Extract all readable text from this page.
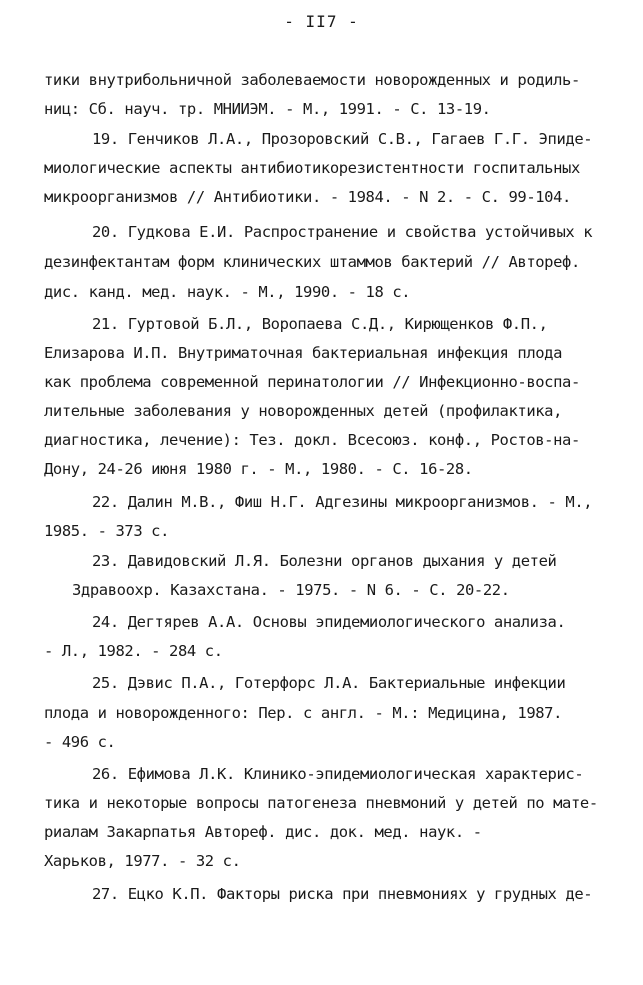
- II7 -
тики внутрибольничной заболеваемости новорожденных и родиль-
ниц: Сб. науч. тр. МНИИЭМ. - М., 1991. - С. 13-19.
19. Генчиков Л.А., Прозоровский С.В., Гагаев Г.Г. Эпиде-
миологические аспекты антибиотикорезистентности госпитальных
микроорганизмов // Антибиотики. - 1984. - N 2. - С. 99-104.
20. Гудкова Е.И. Распространение и свойства устойчивых к
дезинфектантам форм клинических штаммов бактерий // Автореф.
дис. канд. мед. наук. - М., 1990. - 18 с.
21. Гуртовой Б.Л., Воропаева С.Д., Кирющенков Ф.П.,
Елизарова И.П. Внутриматочная бактериальная инфекция плода
как проблема современной перинатологии // Инфекционно-воспа-
лительные заболевания у новорожденных детей (профилактика,
диагностика, лечение): Тез. докл. Всесоюз. конф., Ростов-на-
Дону, 24-26 июня 1980 г. - М., 1980. - С. 16-28.
22. Далин М.В., Фиш Н.Г. Адгезины микроорганизмов. - М.,
1985. - 373 с.
23. Давидовский Л.Я. Болезни органов дыхания у детей
Здравоохр. Казахстана. - 1975. - N 6. - С. 20-22.
24. Дегтярев А.А. Основы эпидемиологического анализа.
- Л., 1982. - 284 с.
25. Дэвис П.А., Готерфорс Л.А. Бактериальные инфекции
плода и новорожденного: Пер. с англ. - М.: Медицина, 1987.
- 496 с.
26. Ефимова Л.К. Клинико-эпидемиологическая характерис-
тика и некоторые вопросы патогенеза пневмоний у детей по мате-
риалам Закарпатья Автореф. дис. док. мед. наук. -
Харьков, 1977. - 32 с.
27. Ецко К.П. Факторы риска при пневмониях у грудных де-
